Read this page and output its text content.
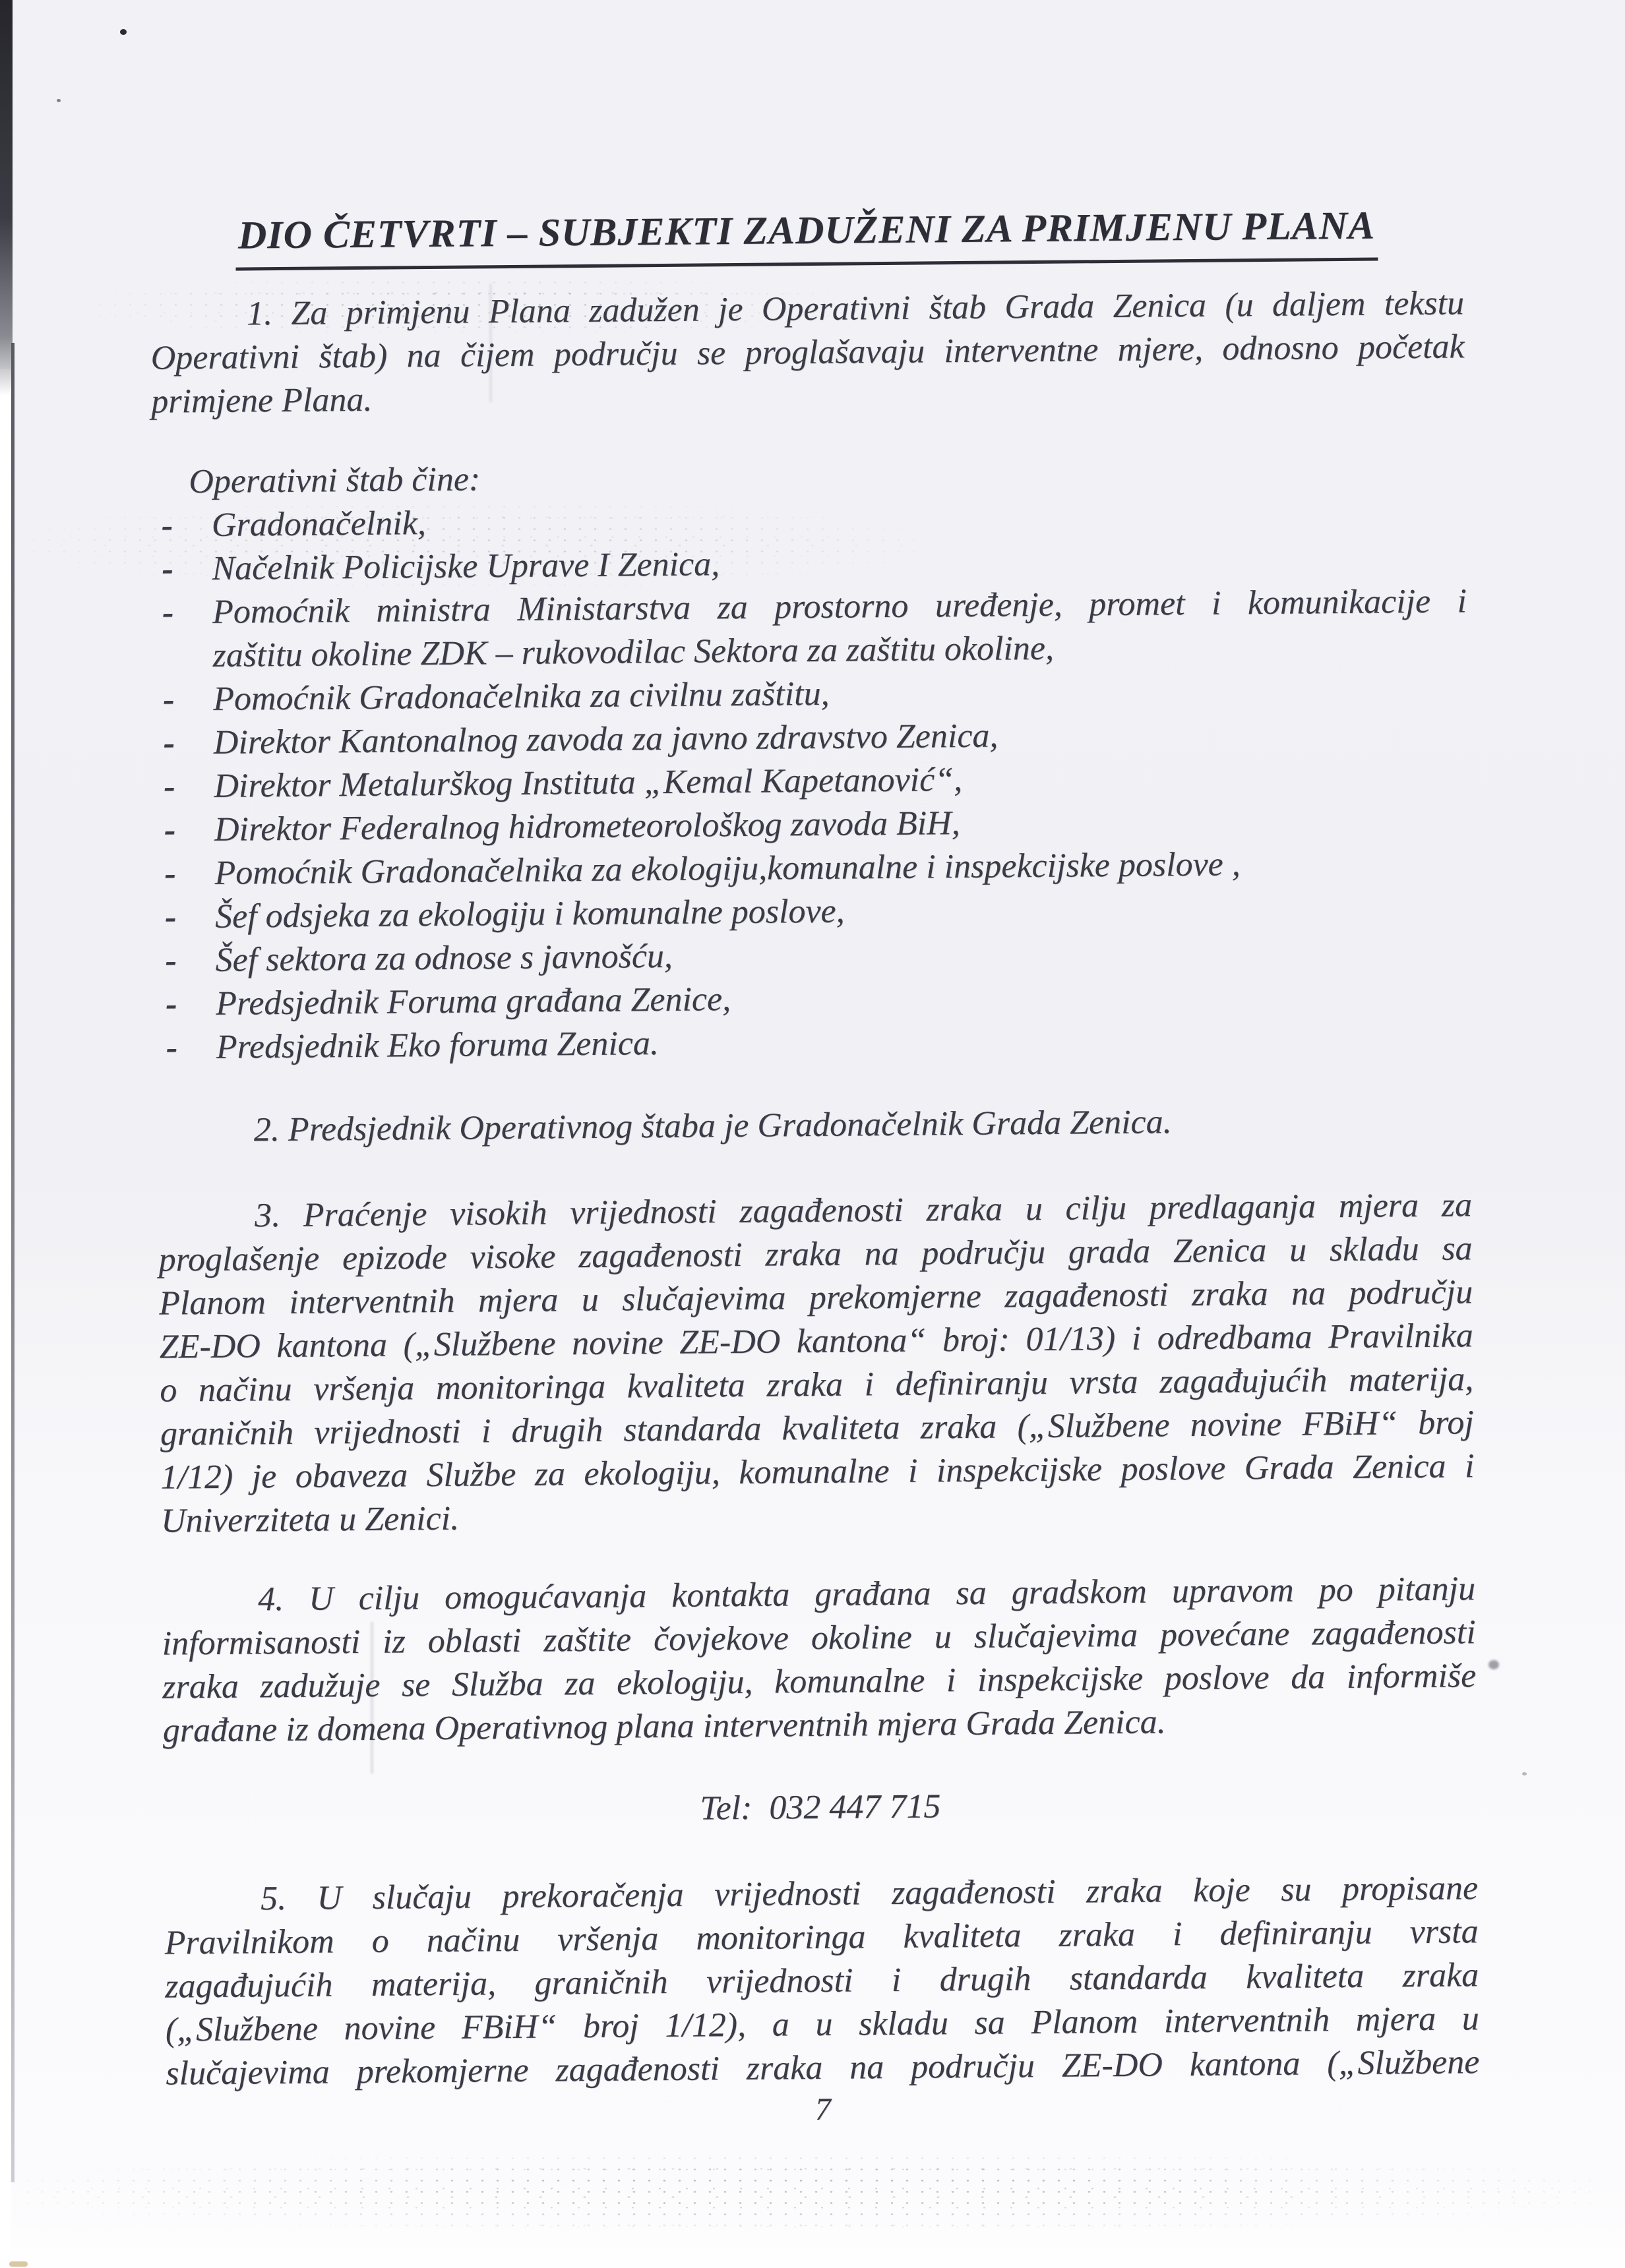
DIO ČETVRTI – SUBJEKTI ZADUŽENI ZA PRIMJENU PLANA
1. Za primjenu Plana zadužen je Operativni štab Grada Zenica (u daljem tekstu
Operativni štab) na čijem području se proglašavaju interventne mjere, odnosno početak
primjene Plana.
Operativni štab čine:
- Gradonačelnik,
- Načelnik Policijske Uprave I Zenica,
- Pomoćnik ministra Ministarstva za prostorno uređenje, promet i komunikacije i
zaštitu okoline ZDK – rukovodilac Sektora za zaštitu okoline,
- Pomoćnik Gradonačelnika za civilnu zaštitu,
- Direktor Kantonalnog zavoda za javno zdravstvo Zenica,
- Direktor Metalurškog Instituta „Kemal Kapetanović“,
- Direktor Federalnog hidrometeorološkog zavoda BiH,
- Pomoćnik Gradonačelnika za ekologiju,komunalne i inspekcijske poslove ,
- Šef odsjeka za ekologiju i komunalne poslove,
- Šef sektora za odnose s javnošću,
- Predsjednik Foruma građana Zenice,
- Predsjednik Eko foruma Zenica.
2. Predsjednik Operativnog štaba je Gradonačelnik Grada Zenica.
3. Praćenje visokih vrijednosti zagađenosti zraka u cilju predlaganja mjera za
proglašenje epizode visoke zagađenosti zraka na području grada Zenica u skladu sa
Planom interventnih mjera u slučajevima prekomjerne zagađenosti zraka na području
ZE-DO kantona („Službene novine ZE-DO kantona“ broj: 01/13) i odredbama Pravilnika
o načinu vršenja monitoringa kvaliteta zraka i definiranju vrsta zagađujućih materija,
graničnih vrijednosti i drugih standarda kvaliteta zraka („Službene novine FBiH“ broj
1/12) je obaveza Službe za ekologiju, komunalne i inspekcijske poslove Grada Zenica i
Univerziteta u Zenici.
4. U cilju omogućavanja kontakta građana sa gradskom upravom po pitanju
informisanosti iz oblasti zaštite čovjekove okoline u slučajevima povećane zagađenosti
zraka zadužuje se Služba za ekologiju, komunalne i inspekcijske poslove da informiše
građane iz domena Operativnog plana interventnih mjera Grada Zenica.
Tel:  032 447 715
5. U slučaju prekoračenja vrijednosti zagađenosti zraka koje su propisane
Pravilnikom o načinu vršenja monitoringa kvaliteta zraka i definiranju vrsta
zagađujućih materija, graničnih vrijednosti i drugih standarda kvaliteta zraka
(„Službene novine FBiH“ broj 1/12), a u skladu sa Planom interventnih mjera u
slučajevima prekomjerne zagađenosti zraka na području ZE-DO kantona („Službene
7
